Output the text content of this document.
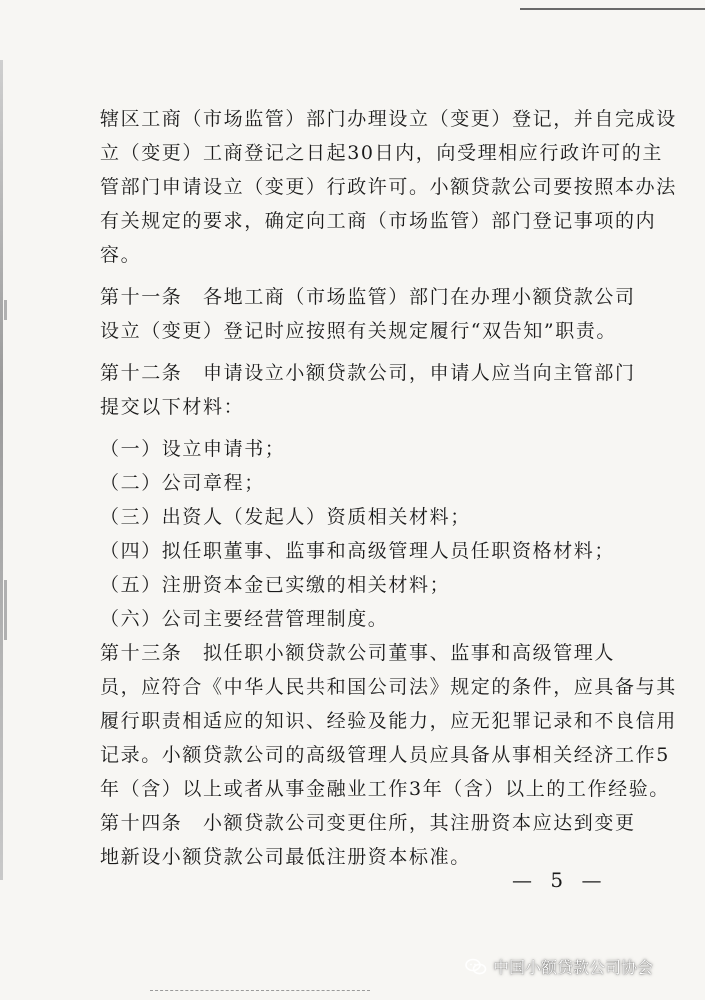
辖区工商（市场监管）部门办理设立（变更）登记，并自完成设
立（变更）工商登记之日起30日内，向受理相应行政许可的主
管部门申请设立（变更）行政许可。小额贷款公司要按照本办法
有关规定的要求，确定向工商（市场监管）部门登记事项的内
容。
第十一条　各地工商（市场监管）部门在办理小额贷款公司
设立（变更）登记时应按照有关规定履行“双告知”职责。
第十二条　申请设立小额贷款公司，申请人应当向主管部门
提交以下材料：
（一）设立申请书；
（二）公司章程；
（三）出资人（发起人）资质相关材料；
（四）拟任职董事、监事和高级管理人员任职资格材料；
（五）注册资本金已实缴的相关材料；
（六）公司主要经营管理制度。
第十三条　拟任职小额贷款公司董事、监事和高级管理人
员，应符合《中华人民共和国公司法》规定的条件，应具备与其
履行职责相适应的知识、经验及能力，应无犯罪记录和不良信用
记录。小额贷款公司的高级管理人员应具备从事相关经济工作5
年（含）以上或者从事金融业工作3年（含）以上的工作经验。
第十四条　小额贷款公司变更住所，其注册资本应达到变更
地新设小额贷款公司最低注册资本标准。
— 5 —
中国小额贷款公司协会
